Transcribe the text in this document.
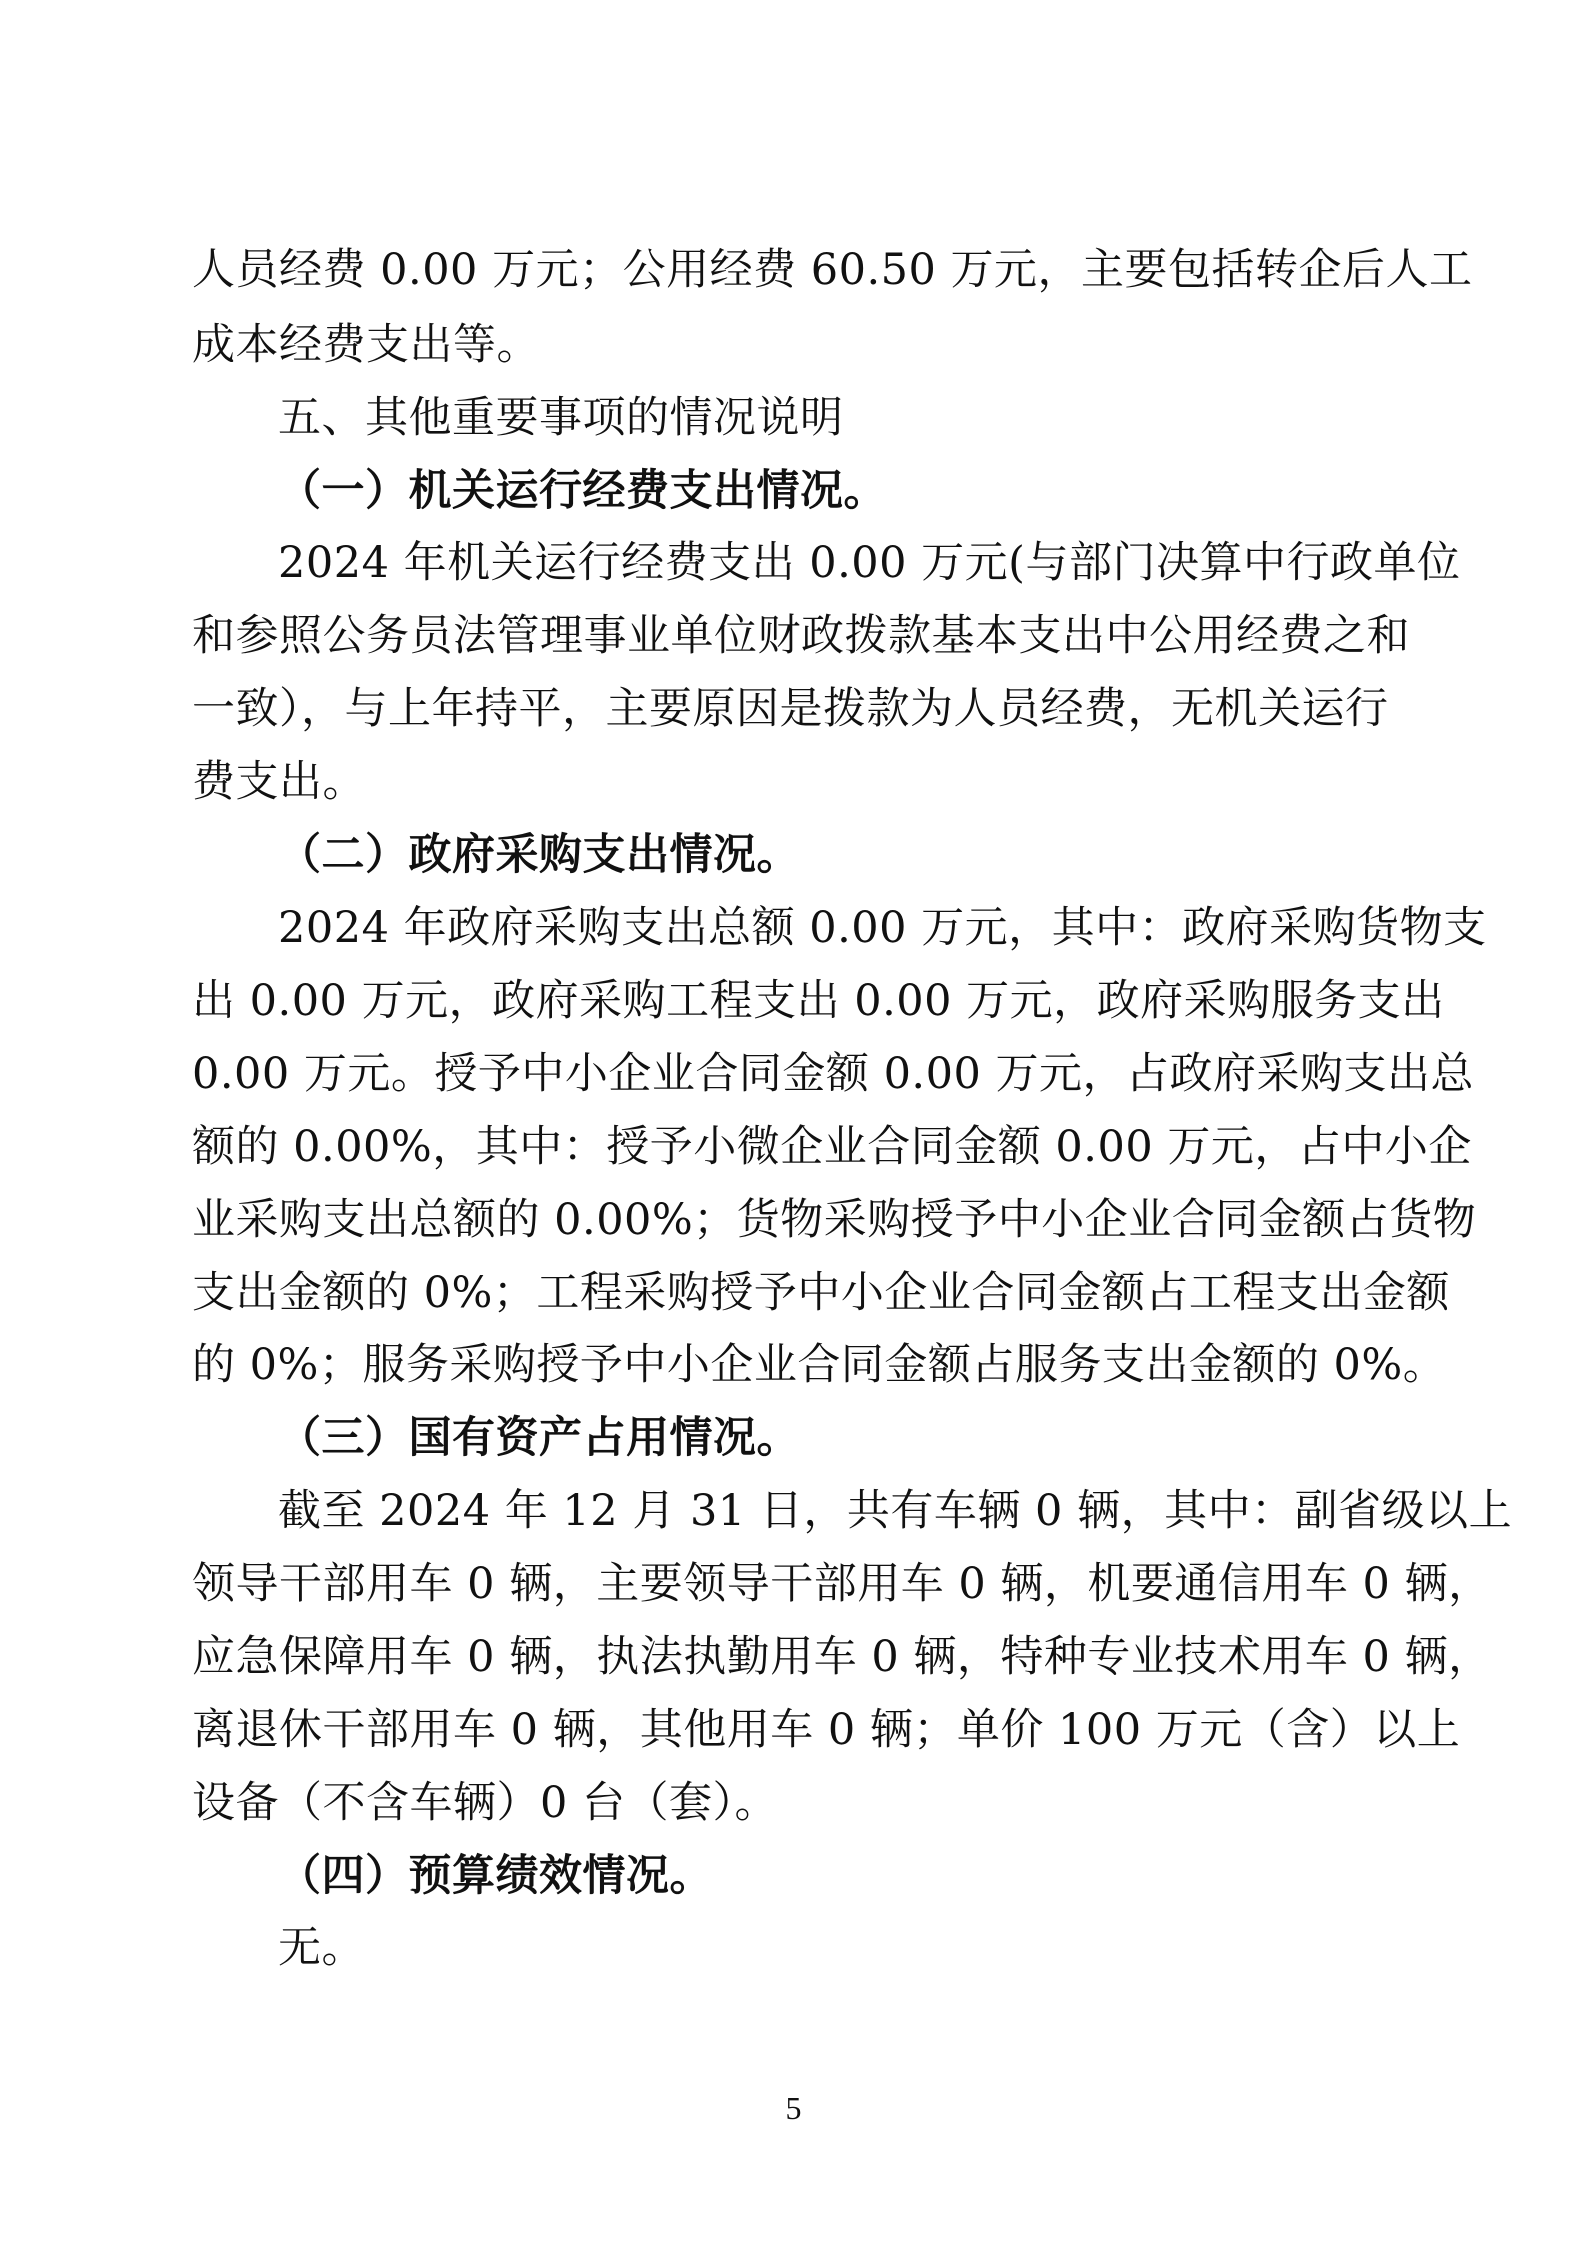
人员经费 0.00 万元；公用经费 60.50 万元，主要包括转企后人工
成本经费支出等。
五、其他重要事项的情况说明
（一）机关运行经费支出情况。
2024 年机关运行经费支出 0.00 万元(与部门决算中行政单位
和参照公务员法管理事业单位财政拨款基本支出中公用经费之和
一致），与上年持平，主要原因是拨款为人员经费，无机关运行
费支出。
（二）政府采购支出情况。
2024 年政府采购支出总额 0.00 万元，其中：政府采购货物支
出 0.00 万元，政府采购工程支出 0.00 万元，政府采购服务支出
0.00 万元。授予中小企业合同金额 0.00 万元，占政府采购支出总
额的 0.00%，其中：授予小微企业合同金额 0.00 万元，占中小企
业采购支出总额的 0.00%；货物采购授予中小企业合同金额占货物
支出金额的 0%；工程采购授予中小企业合同金额占工程支出金额
的 0%；服务采购授予中小企业合同金额占服务支出金额的 0%。
（三）国有资产占用情况。
截至 2024 年 12 月 31 日，共有车辆 0 辆，其中：副省级以上
领导干部用车 0 辆，主要领导干部用车 0 辆，机要通信用车 0 辆，
应急保障用车 0 辆，执法执勤用车 0 辆，特种专业技术用车 0 辆，
离退休干部用车 0 辆，其他用车 0 辆；单价 100 万元（含）以上
设备（不含车辆）0 台（套）。
（四）预算绩效情况。
无。
5
